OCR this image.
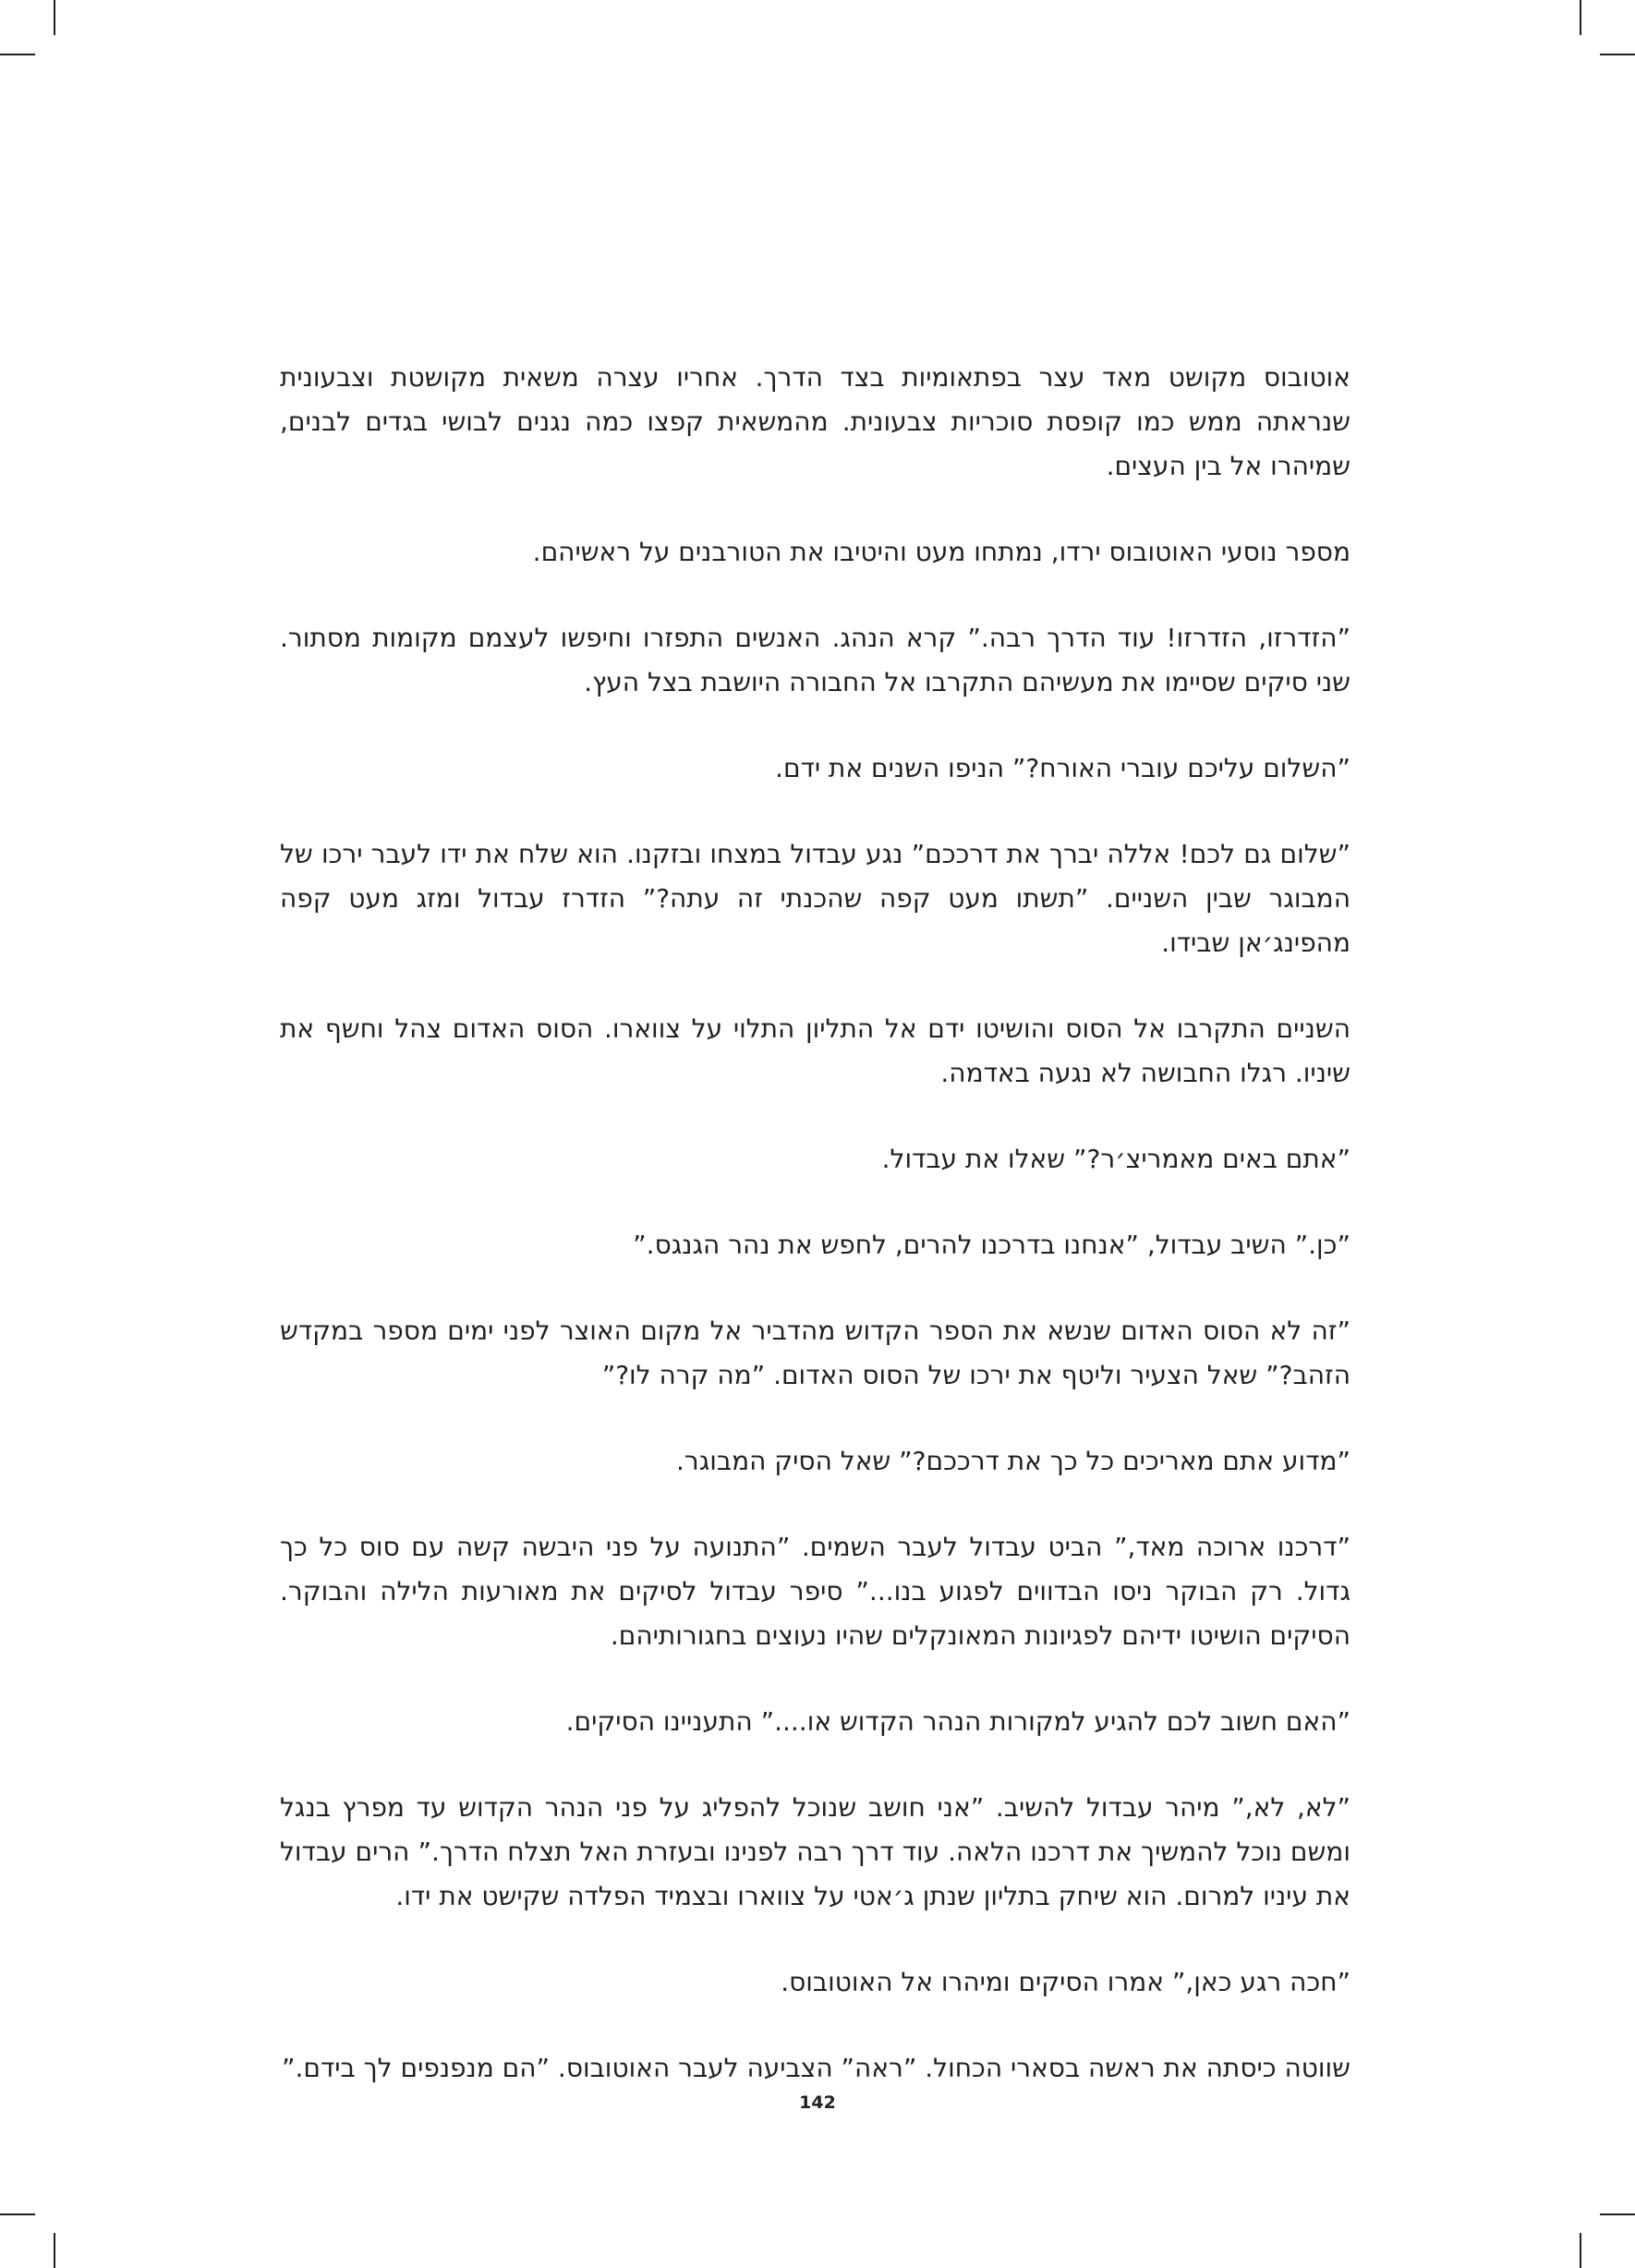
אוטובוס מקושט מאד עצר בפתאומיות בצד הדרך. אחריו עצרה משאית מקושטת וצבעונית שנראתה ממש כמו קופסת סוכריות צבעונית. מהמשאית קפצו כמה נגנים לבושי בגדים לבנים, שמיהרו אל בין העצים.

מספר נוסעי האוטובוס ירדו, נמתחו מעט והיטיבו את הטורבנים על ראשיהם.

”הזדרזו, הזדרזו! עוד הדרך רבה.” קרא הנהג. האנשים התפזרו וחיפשו לעצמם מקומות מסתור. שני סיקים שסיימו את מעשיהם התקרבו אל החבורה היושבת בצל העץ.

”השלום עליכם עוברי האורח?” הניפו השנים את ידם.

”שלום גם לכם! אללה יברך את דרככם” נגע עבדול במצחו ובזקנו. הוא שלח את ידו לעבר ירכו של המבוגר שבין השניים. ”תשתו מעט קפה שהכנתי זה עתה?” הזדרז עבדול ומזג מעט קפה מהפינג׳אן שבידו.

השניים התקרבו אל הסוס והושיטו ידם אל התליון התלוי על צווארו. הסוס האדום צהל וחשף את שיניו. רגלו החבושה לא נגעה באדמה.

”אתם באים מאמריצ׳ר?” שאלו את עבדול.

”כן.” השיב עבדול, ”אנחנו בדרכנו להרים, לחפש את נהר הגנגס.”

”זה לא הסוס האדום שנשא את הספר הקדוש מהדביר אל מקום האוצר לפני ימים מספר במקדש הזהב?” שאל הצעיר וליטף את ירכו של הסוס האדום. ”מה קרה לו?”

”מדוע אתם מאריכים כל כך את דרככם?” שאל הסיק המבוגר.

”דרכנו ארוכה מאד,” הביט עבדול לעבר השמים. ”התנועה על פני היבשה קשה עם סוס כל כך גדול. רק הבוקר ניסו הבדווים לפגוע בנו...” סיפר עבדול לסיקים את מאורעות הלילה והבוקר. הסיקים הושיטו ידיהם לפגיונות המאונקלים שהיו נעוצים בחגורותיהם.

”האם חשוב לכם להגיע למקורות הנהר הקדוש או....” התעניינו הסיקים.

”לא, לא,” מיהר עבדול להשיב. ”אני חושב שנוכל להפליג על פני הנהר הקדוש עד מפרץ בנגל ומשם נוכל להמשיך את דרכנו הלאה. עוד דרך רבה לפנינו ובעזרת האל תצלח הדרך.” הרים עבדול את עיניו למרום. הוא שיחק בתליון שנתן ג׳אטי על צווארו ובצמיד הפלדה שקישט את ידו.

”חכה רגע כאן,” אמרו הסיקים ומיהרו אל האוטובוס.

שווטה כיסתה את ראשה בסארי הכחול. ”ראה” הצביעה לעבר האוטובוס. ”הם מנפנפים לך בידם.”

142
